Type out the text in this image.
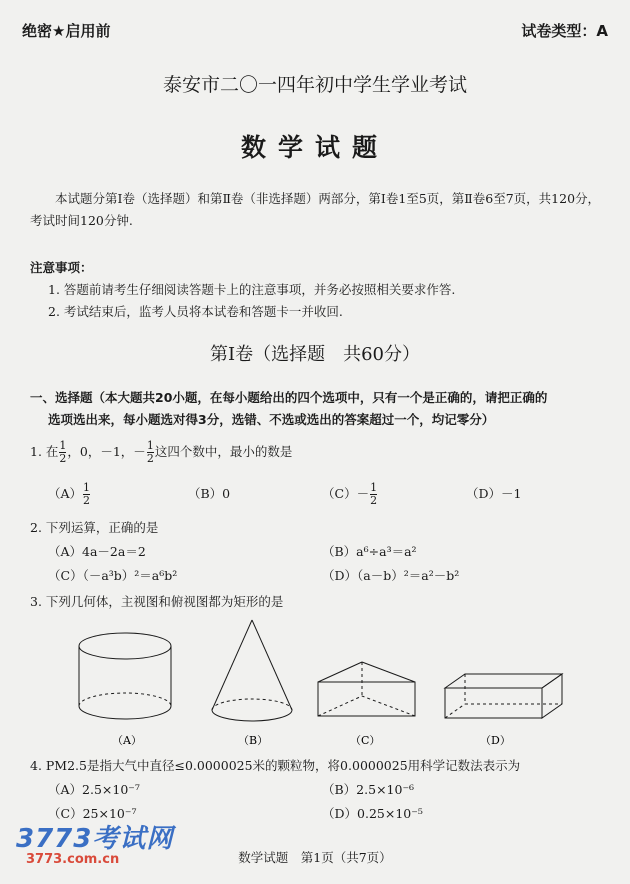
绝密★启用前	试卷类型：A
泰安市二〇一四年初中学生学业考试
数学试题
本试题分第Ⅰ卷（选择题）和第Ⅱ卷（非选择题）两部分，第Ⅰ卷1至5页，第Ⅱ卷6至7页，共120分，考试时间120分钟.
注意事项：
1. 答题前请考生仔细阅读答题卡上的注意事项，并务必按照相关要求作答.
2. 考试结束后，监考人员将本试卷和答题卡一并收回.
第Ⅰ卷（选择题　共60分）
一、选择题（本大题共20小题，在每小题给出的四个选项中，只有一个是正确的，请把正确的
选项选出来，每小题选对得3分，选错、不选或选出的答案超过一个，均记零分）
1. 在 $\frac{1}{2}$ ，0，－1，－ $\frac{1}{2}$ 这四个数中，最小的数是
$(A) \frac{1}{2}$	（B）0	$(C)- \frac{1}{2}$	（D）－1
2. 下列运算，正确的是
（A）4a－2a＝2	（B）a⁶÷a³＝a²
（C）（－a³b）²＝a⁶b²	（D）（a－b）²＝a²－b²
3. 下列几何体，主视图和俯视图都为矩形的是
（A）	（B）	（C）	（D）
4. PM2.5是指大气中直径≤0.0000025米的颗粒物，将0.0000025用科学记数法表示为
（A）2.5×10⁻⁷	（B）2.5×10⁻⁶
（C）25×10⁻⁷	（D）0.25×10⁻⁵
3773考试网
3773.com.cn	数学试题　第1页（共7页）
